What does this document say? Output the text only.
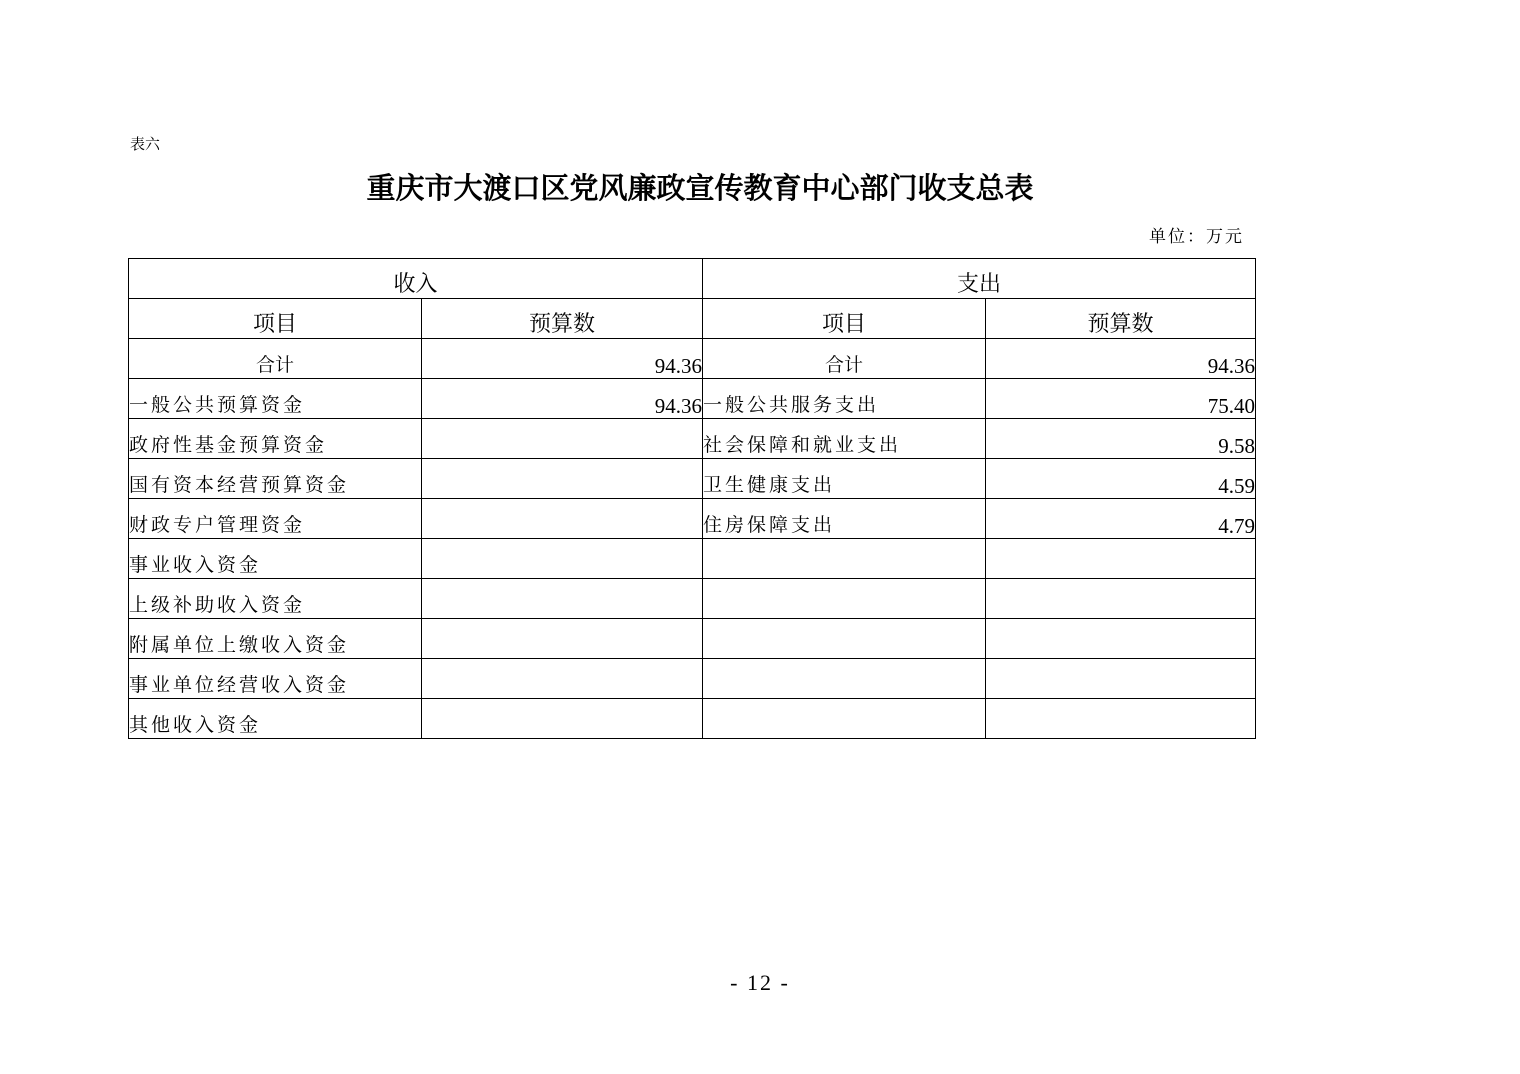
表六
重庆市大渡口区党风廉政宣传教育中心部门收支总表
单位：万元
收入		支出	
项目	预算数	项目	预算数
合计	94.36	合计	94.36
一般公共预算资金	94.36	一般公共服务支出	75.40
政府性基金预算资金		社会保障和就业支出	9.58
国有资本经营预算资金		卫生健康支出	4.59
财政专户管理资金		住房保障支出	4.79
事业收入资金			
上级补助收入资金			
附属单位上缴收入资金			
事业单位经营收入资金			
其他收入资金			
- 12 -
